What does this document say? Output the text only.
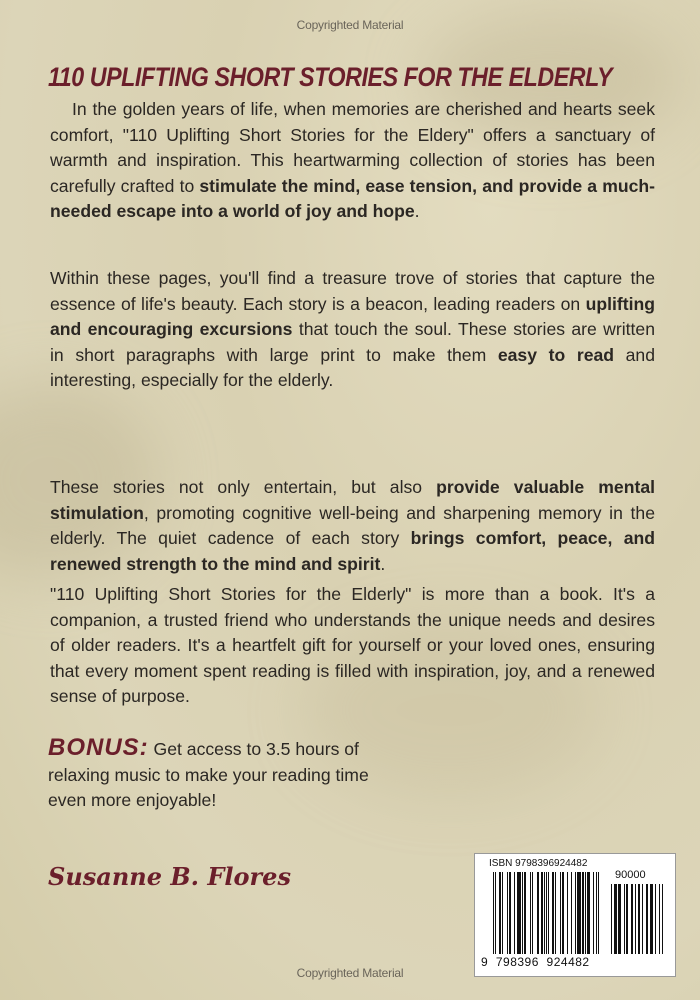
Copyrighted Material
110 UPLIFTING SHORT STORIES FOR THE ELDERLY
In the golden years of life, when memories are cherished and hearts seek comfort, "110 Uplifting Short Stories for the Eldery" offers a sanctuary of warmth and inspiration. This heartwarming collection of stories has been carefully crafted to stimulate the mind, ease tension, and provide a much-needed escape into a world of joy and hope.
Within these pages, you'll find a treasure trove of stories that capture the essence of life's beauty. Each story is a beacon, leading readers on uplifting and encouraging excursions that touch the soul. These stories are written in short paragraphs with large print to make them easy to read and interesting, especially for the elderly.
These stories not only entertain, but also provide valuable mental stimulation, promoting cognitive well-being and sharpening memory in the elderly. The quiet cadence of each story brings comfort, peace, and renewed strength to the mind and spirit.
"110 Uplifting Short Stories for the Elderly" is more than a book. It's a companion, a trusted friend who understands the unique needs and desires of older readers. It's a heartfelt gift for yourself or your loved ones, ensuring that every moment spent reading is filled with inspiration, joy, and a renewed sense of purpose.
BONUS: Get access to 3.5 hours of relaxing music to make your reading time even more enjoyable!
Susanne B. Flores	ISBN 9798396924482
90000
9  798396  924482
Copyrighted Material
